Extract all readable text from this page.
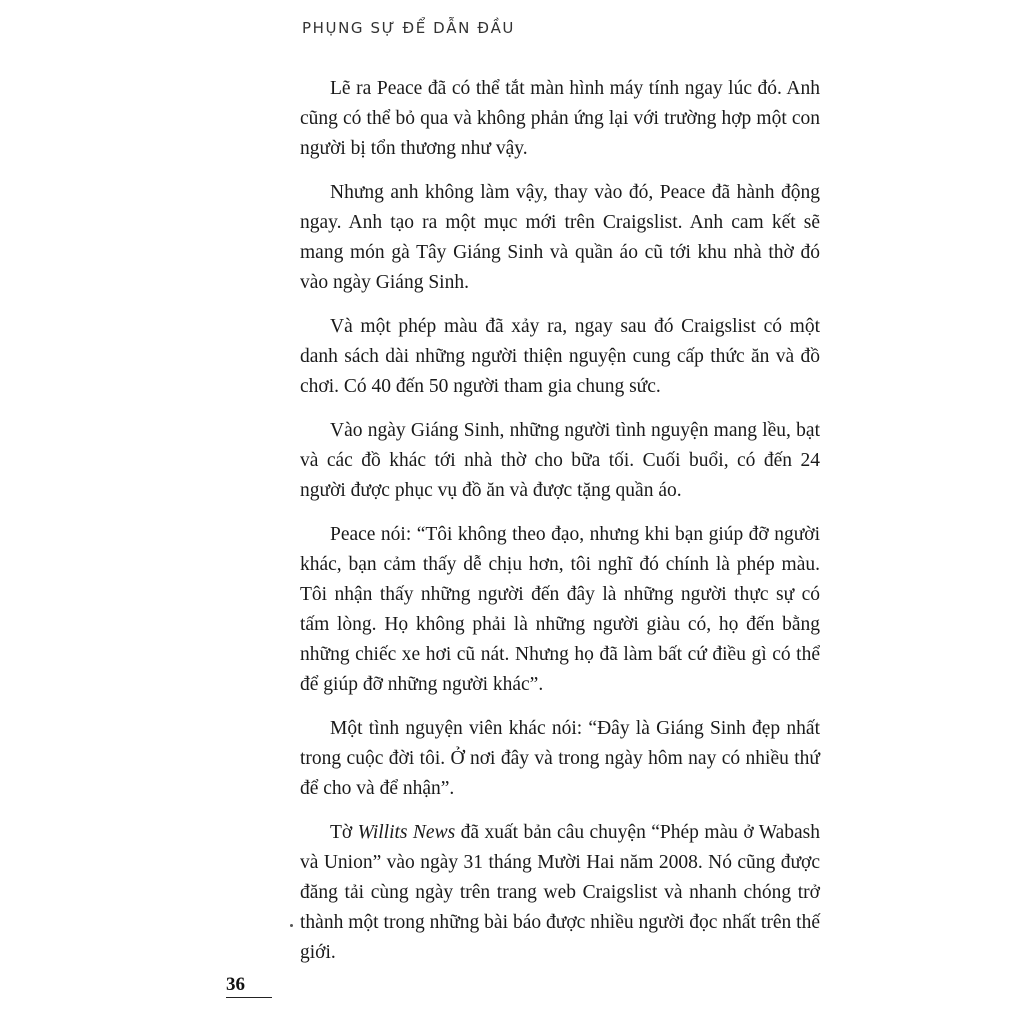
PHỤNG SỰ ĐỂ DẪN ĐẦU

Lẽ ra Peace đã có thể tắt màn hình máy tính ngay lúc đó. Anh cũng có thể bỏ qua và không phản ứng lại với trường hợp một con người bị tổn thương như vậy.

Nhưng anh không làm vậy, thay vào đó, Peace đã hành động ngay. Anh tạo ra một mục mới trên Craigslist. Anh cam kết sẽ mang món gà Tây Giáng Sinh và quần áo cũ tới khu nhà thờ đó vào ngày Giáng Sinh.

Và một phép màu đã xảy ra, ngay sau đó Craigslist có một danh sách dài những người thiện nguyện cung cấp thức ăn và đồ chơi. Có 40 đến 50 người tham gia chung sức.

Vào ngày Giáng Sinh, những người tình nguyện mang lều, bạt và các đồ khác tới nhà thờ cho bữa tối. Cuối buổi, có đến 24 người được phục vụ đồ ăn và được tặng quần áo.

Peace nói: “Tôi không theo đạo, nhưng khi bạn giúp đỡ người khác, bạn cảm thấy dễ chịu hơn, tôi nghĩ đó chính là phép màu. Tôi nhận thấy những người đến đây là những người thực sự có tấm lòng. Họ không phải là những người giàu có, họ đến bằng những chiếc xe hơi cũ nát. Nhưng họ đã làm bất cứ điều gì có thể để giúp đỡ những người khác”.

Một tình nguyện viên khác nói: “Đây là Giáng Sinh đẹp nhất trong cuộc đời tôi. Ở nơi đây và trong ngày hôm nay có nhiều thứ để cho và để nhận”.

Tờ Willits News đã xuất bản câu chuyện “Phép màu ở Wabash và Union” vào ngày 31 tháng Mười Hai năm 2008. Nó cũng được đăng tải cùng ngày trên trang web Craigslist và nhanh chóng trở thành một trong những bài báo được nhiều người đọc nhất trên thế giới.

36
